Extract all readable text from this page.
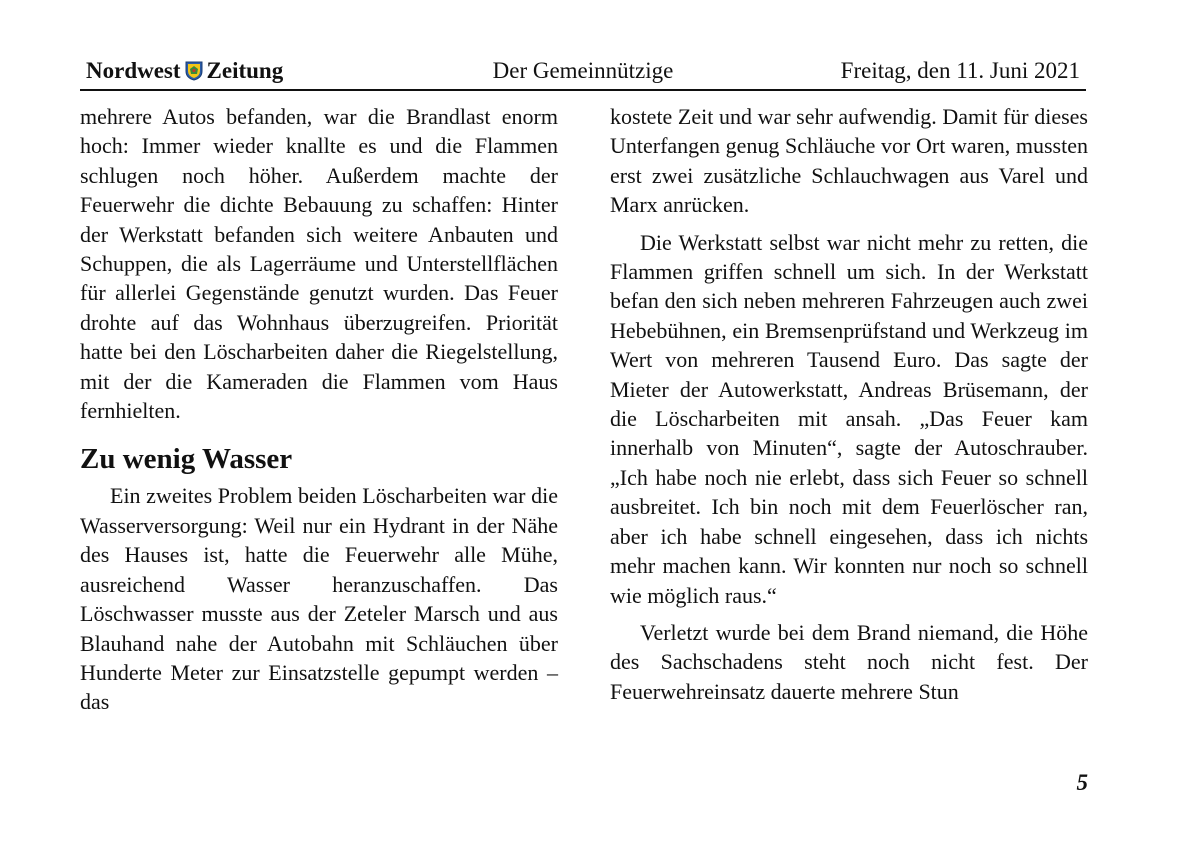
Nordwest Zeitung	Der Gemeinnützige	Freitag, den 11. Juni 2021

mehrere Autos befanden, war die Brandlast enorm hoch: Immer wieder knallte es und die Flammen schlugen noch höher. Außerdem machte der Feuerwehr die dichte Bebauung zu schaffen: Hinter der Werkstatt befanden sich weitere Anbauten und Schuppen, die als Lagerräume und Unterstellflächen für allerlei Gegenstände genutzt wurden. Das Feuer drohte auf das Wohnhaus überzugreifen. Priorität hatte bei den Löscharbeiten daher die Riegelstellung, mit der die Kameraden die Flammen vom Haus fernhielten.

Zu wenig Wasser

Ein zweites Problem beiden Löscharbeiten war die Wasserversorgung: Weil nur ein Hydrant in der Nähe des Hauses ist, hatte die Feuerwehr alle Mühe, ausreichend Wasser heranzuschaffen. Das Löschwasser musste aus der Zeteler Marsch und aus Blauhand nahe der Autobahn mit Schläuchen über Hunderte Meter zur Einsatzstelle gepumpt werden – das

kostete Zeit und war sehr aufwendig. Damit für dieses Unterfangen genug Schläuche vor Ort waren, mussten erst zwei zusätzliche Schlauchwagen aus Varel und Marx anrücken.

Die Werkstatt selbst war nicht mehr zu retten, die Flammen griffen schnell um sich. In der Werkstatt befan den sich neben mehreren Fahrzeugen auch zwei Hebebühnen, ein Bremsenprüfstand und Werkzeug im Wert von mehreren Tausend Euro. Das sagte der Mieter der Autowerkstatt, Andreas Brüsemann, der die Löscharbeiten mit ansah. „Das Feuer kam innerhalb von Minuten“, sagte der Autoschrauber. „Ich habe noch nie erlebt, dass sich Feuer so schnell ausbreitet. Ich bin noch mit dem Feuerlöscher ran, aber ich habe schnell eingesehen, dass ich nichts mehr machen kann. Wir konnten nur noch so schnell wie möglich raus.“

Verletzt wurde bei dem Brand niemand, die Höhe des Sachschadens steht noch nicht fest. Der Feuerwehreinsatz dauerte mehrere Stun

5
